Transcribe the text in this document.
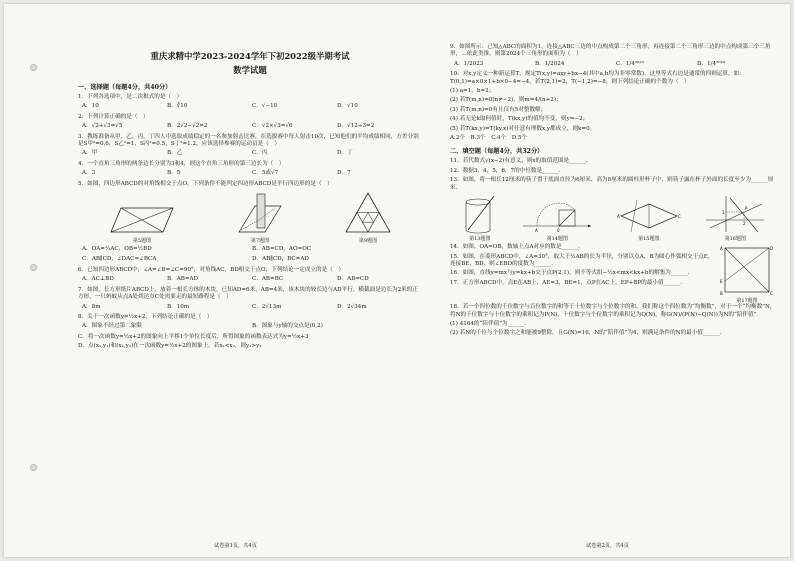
重庆求精中学2023-2024学年下初2022级半期考试
数学试题
一、选择题（每题4分，共40分）
1．下列各选项中，是二次根式的是（　）
A．10	B．∛10	C．√−10	D．√10
2．下列计算正确的是（　）
A．√2+√3=√5	B．2√2−√2=2	C．√2×√3=√6	D．√12÷3=2
3．教练准备从甲，乙，丙，丁四人中选取成绩稳定的一名参加射击比赛，在选拔赛中每人射击10次，已知他们的平均成绩相同，方差分别是S甲²=0.6，S乙²=1，S丙²=0.5，S丁²=1.2，应该选择参赛的运动员是（　）
A．甲	B．乙	C．丙	D．丁
4．一个直角三角形的两条边长分别为3和4，则这个直角三角形的第三边长为（　）
A．3	B．5	C．5或√7	D．7
5．如图，四边形ABCD的对角线相交于点O，下列条件不能判定四边形ABCD是平行四边形的是（　）
第5题图	第7题图	第9题图
A．OA=½AC，OB=½BD	B．AB=CD，AO=OC
C．AB∥CD，∠DAC=∠BCA	D．AB∥CD，BC=AD
6．已知四边形ABCD中，∠A=∠B=∠C=90°，对角线AC，BD相交于点O，下列结论一定成立的是（　）
A．AC⊥BD	B．AB=AD	C．AB=BC	D．AB=CD
7．如图，长方形纸片ABCD上，放着一根长方体的木块，已知AD=6米，AB=4米，该木块的较长边与AD平行，横截面是边长为2米的正方形，一只蚂蚁从点A处到达点C处需要走的最短路程是（　）
A．8m	B．10m	C．2√13m	D．2√34m
8．关于一次函数y=½x+2，下列结论正确的是（　）
A．图象不经过第二象限	B．图象与y轴的交点是(0,2)
C．将一次函数y=½x+2的图象向上平移1个单位长度后，所得图象的函数表达式为y=½x+3
D．点(x₁,y₁)和(x₂,y₂)在一次函数y=½x+2的图象上，若x₁<x₂，则y₁>y₂
试卷第1页，共4页
9．如图所示：已知△ABC的面积为1，连接△ABC三边的中点构成第二个三角形，再连接第二个三角形三边的中点构成第三个三角形，…依此类推，则第2024个三角形的面积为（　）
A．1/2023	B．1/2024	C．1/4²⁰²³	D．1/4²⁰²⁴
10．对x,y定义一种新运算T，规定T(x,y)=axy+bx−4(其中a,b均为非零常数)，这里等式右边是通常的四则运算，如：T(0,1)=a×0×1+b×0−4=−4。若T(2,1)=2，T(−1,2)=−8，则下列结论正确的个数为（　）
(1) a=1，b=2；
(2) 若T(m,n)=0(n≠−2)，则m=4/(n+2)；
(3) 若T(m,n)=0有且仅有5对整数解；
(4) 若无论k取何值时，T(kx,y)的值均不变，则y=−2；
(5) 若T(kx,y)=T(ky,x)对任意有理数x,y都成立，则k=0。
A.2个　B.3个　C.4个　D.5个
二、填空题（每题4分，共32分）
11．若代数式√(x−2)有意义，则x的取值范围是______．
12．数据3，4，5，6，7的中位数是______．
13．如图，将一根长12厘米的筷子置于底面直径为6厘米，高为8厘米的圆柱形杯子中，则筷子露在杯子外面的长度至少为______厘米．
第13题图
0
A
第14题图
A	C
第15题图
P
1
2
第16题图
14．如图，OA=OB，数轴上点A对应的数是______．
15．如图，在菱形ABCD中，∠A=30°，取大于½AB的长为半径，分别以点A，B为圆心作弧相交于点E，连接BE，BD，则∠EBD的度数为______．
16．如图，直线y=mx与y=kx+b交于点P(2,1)，则不等式组−½x<mx<kx+b的解集为______．
17．正方形ABCD中，点E在AB上，AE=3，BE=1，点P在AC上，EP+BP的最小值______．
A	D
B	C
E
第17题图
18．若一个四位数的千位数字与百位数字的和等于十位数字与个位数字的和，我们称这个四位数为“均衡数”，对于一个“均衡数”N，将N的千位数字与十位数字的乘积记为P(N)，十位数字与个位数字的乘积记为Q(N)，称G(N)/(P(N)−Q(N))为N的“陪伴值”．
(1) 4164的“陪伴值”为______．
(2) 若N的千位与个位数字之和能被9整除，且G(N)=16，N的“陪伴值”为4，则满足条件的N的最小值______．
试卷第2页，共4页
